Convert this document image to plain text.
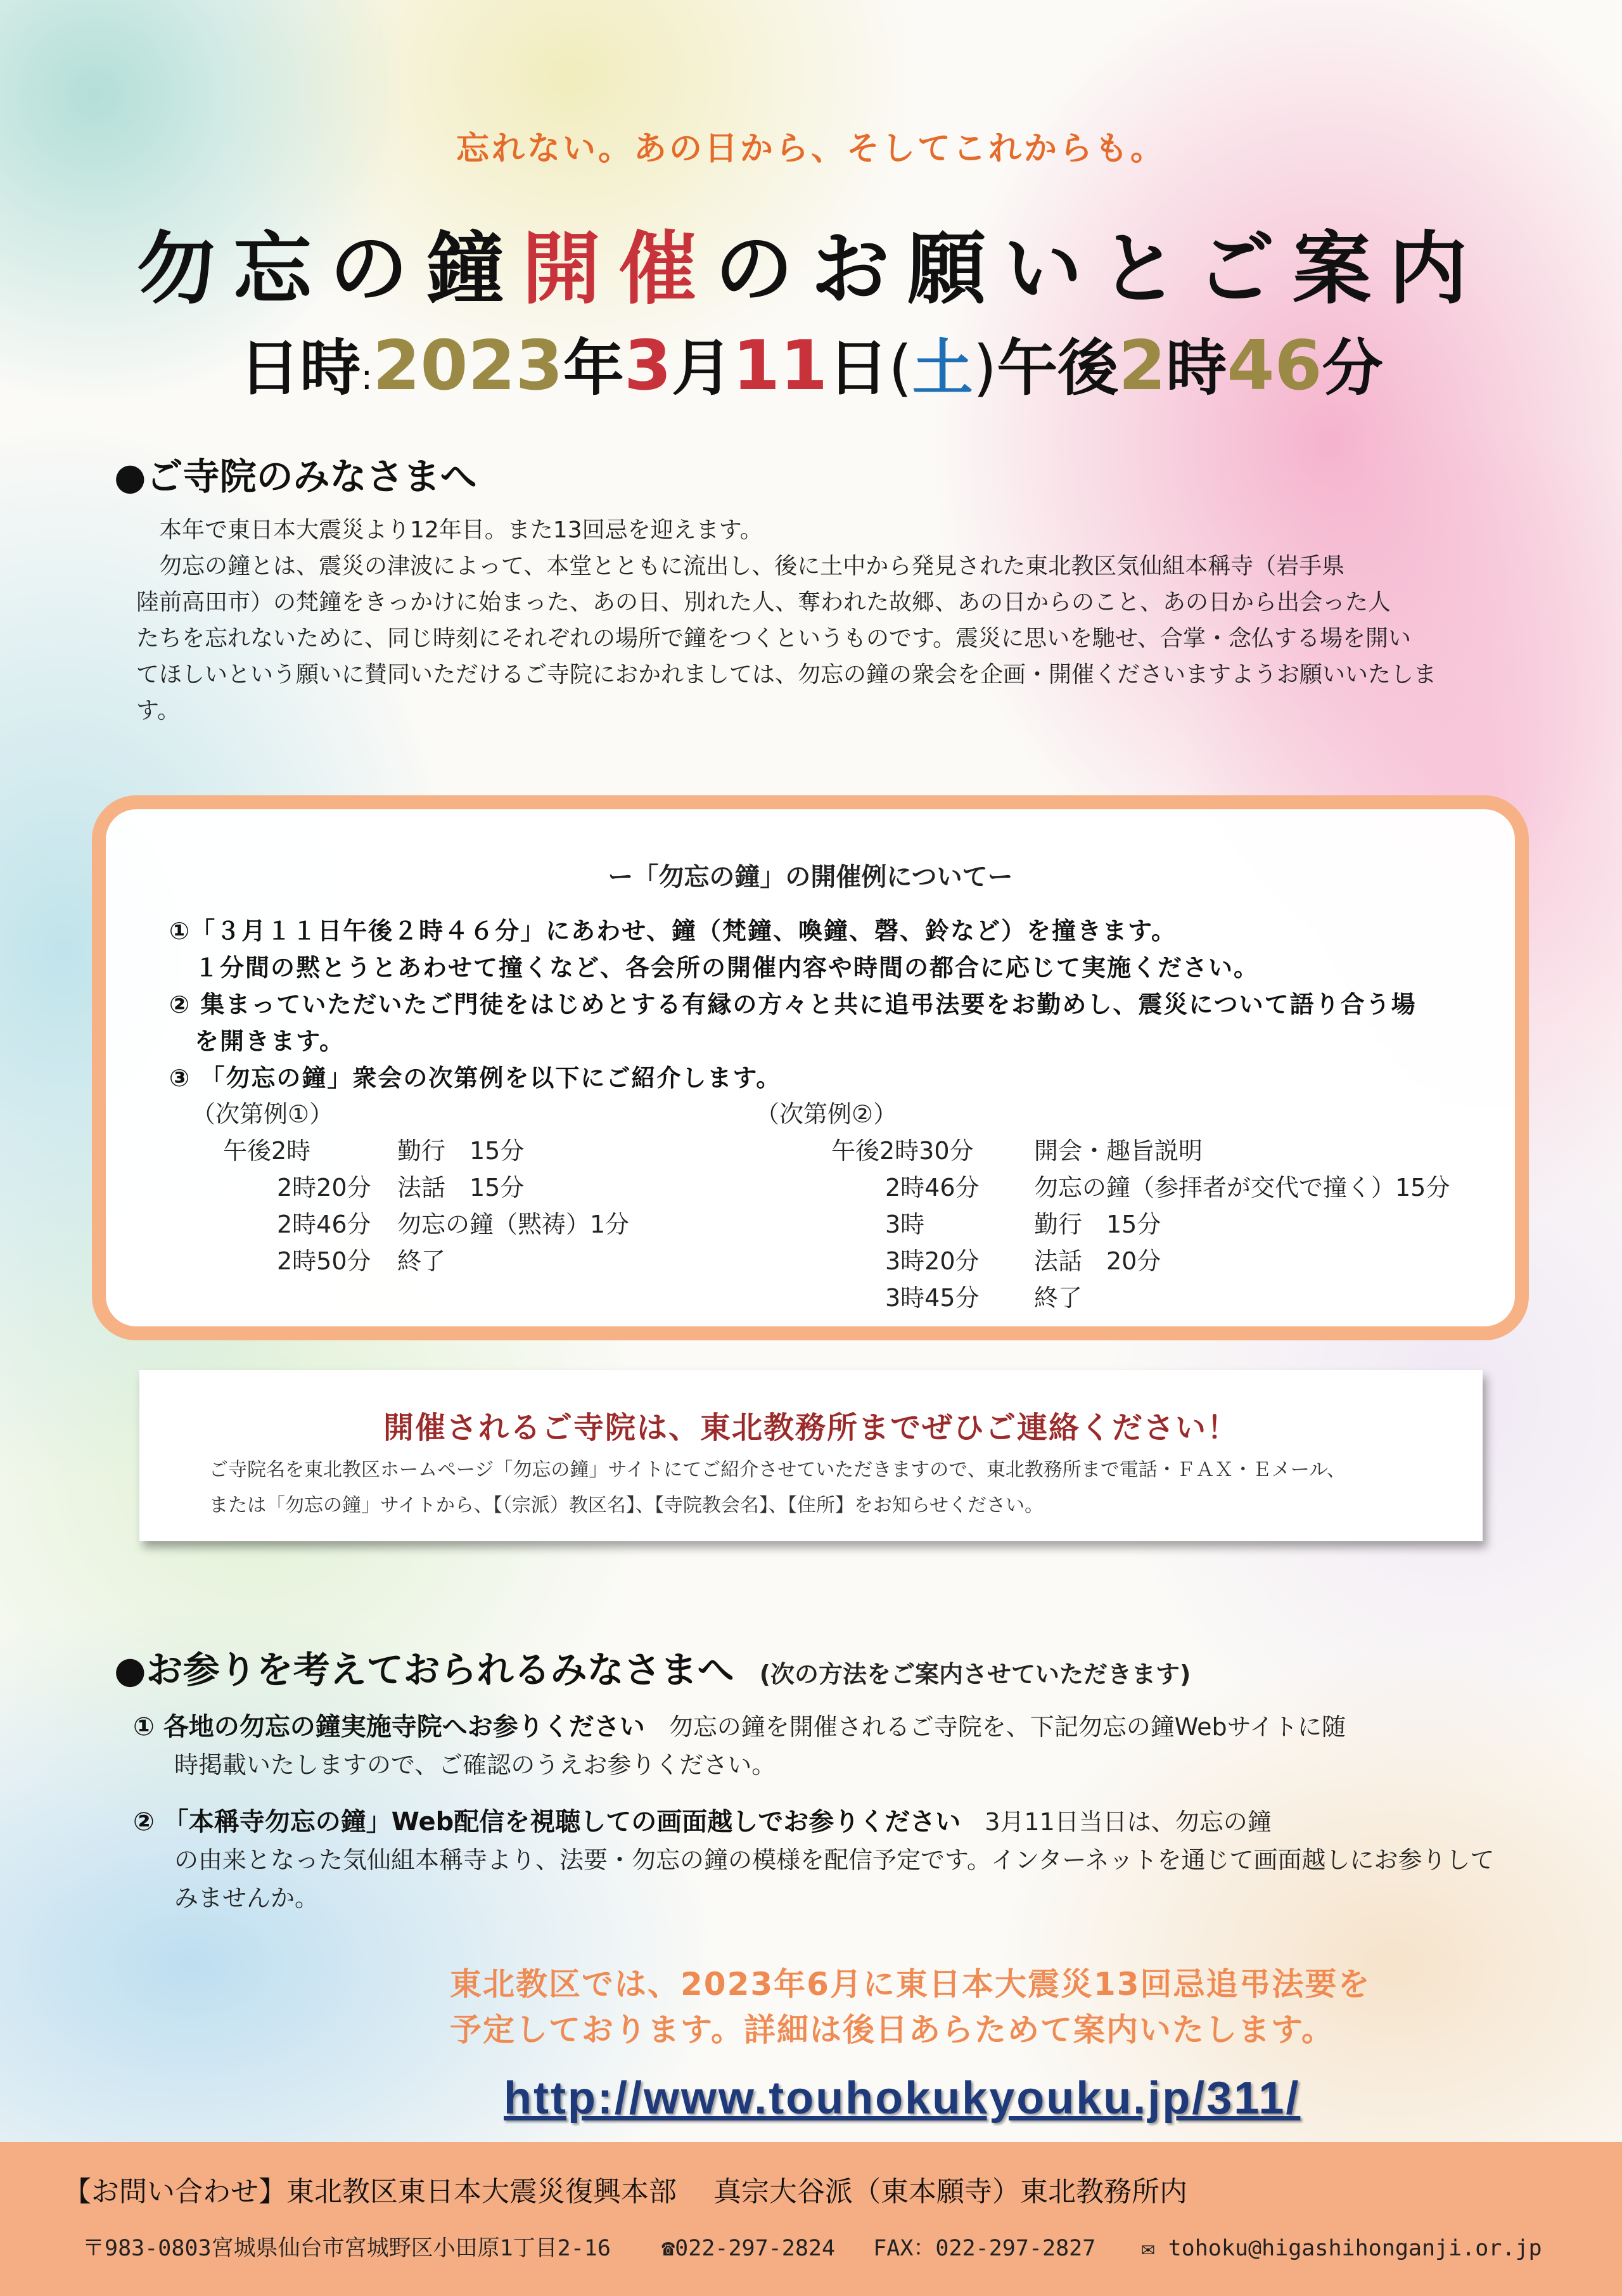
忘れない。あの日から、そしてこれからも。
勿忘の鐘開催のお願いとご案内
日時:2023年3月11日(土)午後2時46分
●ご寺院のみなさまへ
　本年で東日本大震災より12年目。また13回忌を迎えます。
　勿忘の鐘とは、震災の津波によって、本堂とともに流出し、後に土中から発見された東北教区気仙組本稱寺（岩手県
陸前高田市）の梵鐘をきっかけに始まった、あの日、別れた人、奪われた故郷、あの日からのこと、あの日から出会った人
たちを忘れないために、同じ時刻にそれぞれの場所で鐘をつくというものです。震災に思いを馳せ、合掌・念仏する場を開い
てほしいという願いに賛同いただけるご寺院におかれましては、勿忘の鐘の衆会を企画・開催くださいますようお願いいたしま
す。
ー「勿忘の鐘」の開催例についてー
①「３月１１日午後２時４６分」にあわせ、鐘（梵鐘、喚鐘、磬、鈴など）を撞きます。
　１分間の黙とうとあわせて撞くなど、各会所の開催内容や時間の都合に応じて実施ください。
② 集まっていただいたご門徒をはじめとする有縁の方々と共に追弔法要をお勤めし、震災について語り合う場
　を開きます。
③ 「勿忘の鐘」衆会の次第例を以下にご紹介します。
（次第例①）
午後2時	勤行　15分
2時20分 法話　15分
2時46分 勿忘の鐘（黙祷）1分
2時50分 終了
（次第例②）
午後2時30分	開会・趣旨説明
2時46分 勿忘の鐘（参拝者が交代で撞く）15分
3時	勤行　15分
3時20分 法話　20分
3時45分 終了
開催されるご寺院は、東北教務所までぜひご連絡ください！
ご寺院名を東北教区ホームページ「勿忘の鐘」サイトにてご紹介させていただきますので、東北教務所まで電話・ＦＡＸ・Ｅメール、
または「勿忘の鐘」サイトから、【（宗派）教区名】、【寺院教会名】、【住所】をお知らせください。
●お参りを考えておられるみなさまへ (次の方法をご案内させていただきます)
① 各地の勿忘の鐘実施寺院へお参りください　勿忘の鐘を開催されるご寺院を、下記勿忘の鐘Webサイトに随
時掲載いたしますので、ご確認のうえお参りください。
② 「本稱寺勿忘の鐘」Web配信を視聴しての画面越しでお参りください　3月11日当日は、勿忘の鐘
の由来となった気仙組本稱寺より、法要・勿忘の鐘の模様を配信予定です。インターネットを通じて画面越しにお参りして
みませんか。
東北教区では、2023年6月に東日本大震災13回忌追弔法要を
予定しております。詳細は後日あらためて案内いたします。
http://www.touhokukyouku.jp/311/
【お問い合わせ】東北教区東日本大震災復興本部　 真宗大谷派（東本願寺）東北教務所内
〒983-0803宮城県仙台市宮城野区小田原1丁目2-16 ☎022-297-2824 FAX：022-297-2827 ✉ tohoku@higashihonganji.or.jp
